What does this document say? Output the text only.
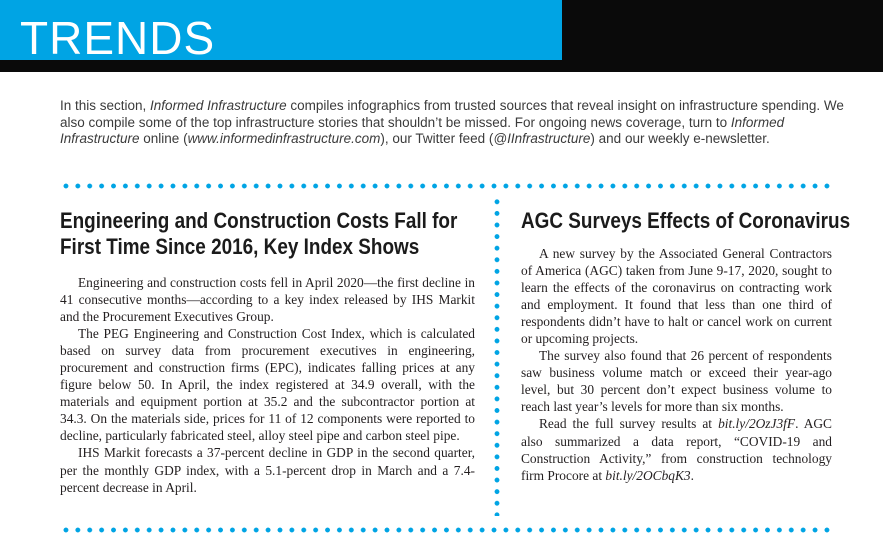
TRENDS
In this section, Informed Infrastructure compiles infographics from trusted sources that reveal insight on infrastructure spending. We also compile some of the top infrastructure stories that shouldn’t be missed. For ongoing news coverage, turn to Informed Infrastructure online (www.informedinfrastructure.com), our Twitter feed (@IInfrastructure) and our weekly e-newsletter.
Engineering and Construction Costs Fall for
First Time Since 2016, Key Index Shows

Engineering and construction costs fell in April 2020—the first decline in 41 consecutive months—according to a key index released by IHS Markit and the Procurement Executives Group.

The PEG Engineering and Construction Cost Index, which is calculated based on survey data from procurement executives in engineering, procurement and construction firms (EPC), indicates falling prices at any figure below 50. In April, the index registered at 34.9 overall, with the materials and equipment portion at 35.2 and the subcontractor portion at 34.3. On the materials side, prices for 11 of 12 components were reported to decline, particularly fabricated steel, alloy steel pipe and carbon steel pipe.

IHS Markit forecasts a 37-percent decline in GDP in the second quarter, per the monthly GDP index, with a 5.1-percent drop in March and a 7.4-percent decrease in April.

AGC Surveys Effects of Coronavirus

A new survey by the Associated General Contractors of America (AGC) taken from June 9-17, 2020, sought to learn the effects of the coronavirus on contracting work and employment. It found that less than one third of respondents didn’t have to halt or cancel work on current or upcoming projects.

The survey also found that 26 percent of respondents saw business volume match or exceed their year-ago level, but 30 percent don’t expect business volume to reach last year’s levels for more than six months.

Read the full survey results at bit.ly/2OzJ3fF. AGC also summarized a data report, “COVID-19 and Construction Activity,” from construction technology firm Procore at bit.ly/2OCbqK3.
